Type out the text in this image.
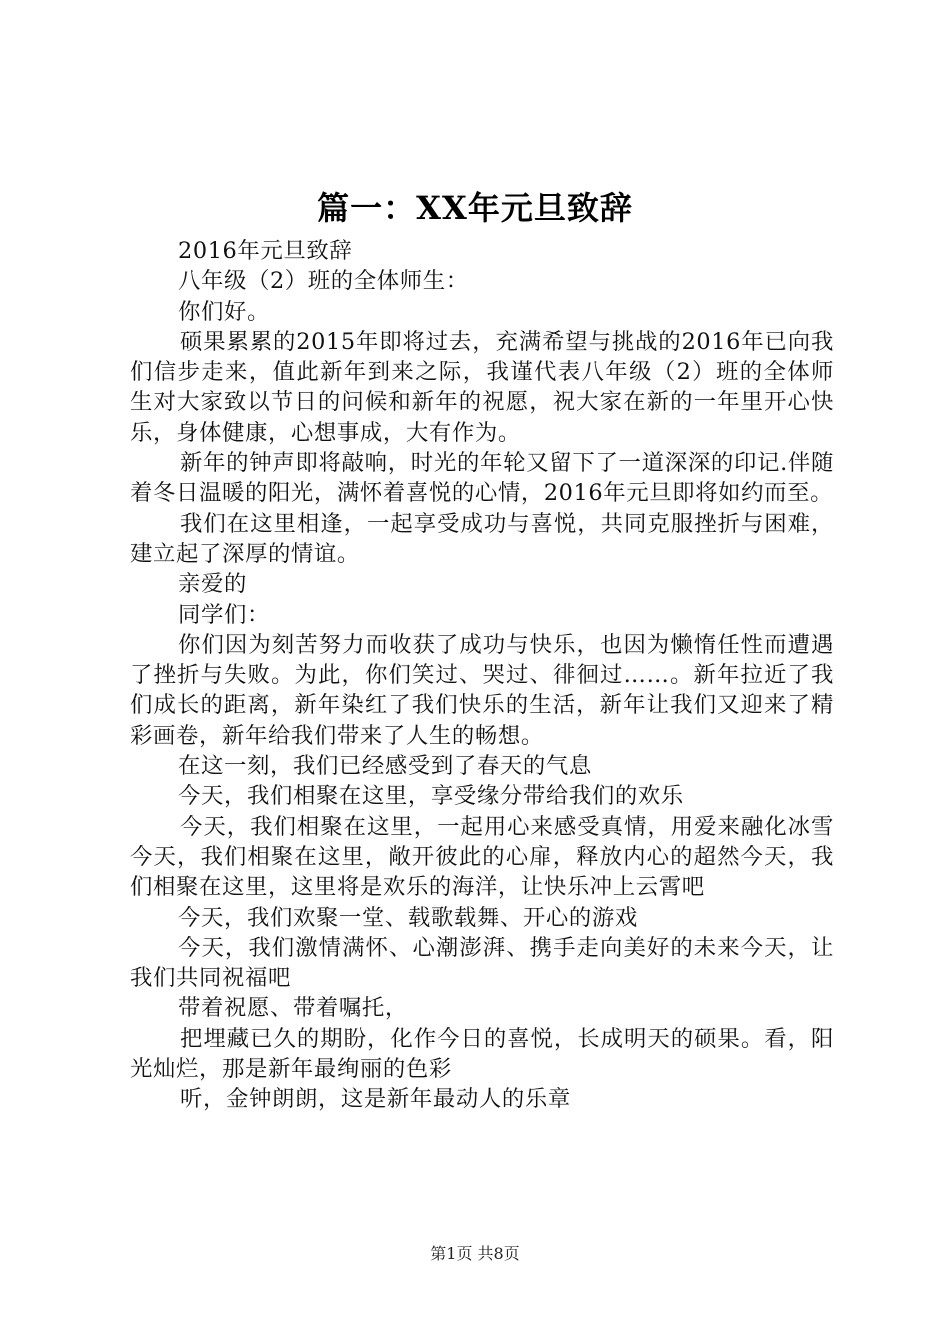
篇一：XX年元旦致辞

2016年元旦致辞

八年级（2）班的全体师生：

你们好。

硕果累累的2015年即将过去，充满希望与挑战的2016年已向我们信步走来，值此新年到来之际，我谨代表八年级（2）班的全体师生对大家致以节日的问候和新年的祝愿，祝大家在新的一年里开心快乐，身体健康，心想事成，大有作为。

新年的钟声即将敲响，时光的年轮又留下了一道深深的印记.伴随着冬日温暖的阳光，满怀着喜悦的心情，2016年元旦即将如约而至。

我们在这里相逢，一起享受成功与喜悦，共同克服挫折与困难，建立起了深厚的情谊。

亲爱的

同学们：

你们因为刻苦努力而收获了成功与快乐，也因为懒惰任性而遭遇了挫折与失败。为此，你们笑过、哭过、徘徊过……。新年拉近了我们成长的距离，新年染红了我们快乐的生活，新年让我们又迎来了精彩画卷，新年给我们带来了人生的畅想。

在这一刻，我们已经感受到了春天的气息

今天，我们相聚在这里，享受缘分带给我们的欢乐

今天，我们相聚在这里，一起用心来感受真情，用爱来融化冰雪今天，我们相聚在这里，敞开彼此的心扉，释放内心的超然今天，我们相聚在这里，这里将是欢乐的海洋，让快乐冲上云霄吧

今天，我们欢聚一堂、载歌载舞、开心的游戏

今天，我们激情满怀、心潮澎湃、携手走向美好的未来今天，让我们共同祝福吧

带着祝愿、带着嘱托，

把埋藏已久的期盼，化作今日的喜悦，长成明天的硕果。看，阳光灿烂，那是新年最绚丽的色彩

听，金钟朗朗，这是新年最动人的乐章

第1页 共8页
